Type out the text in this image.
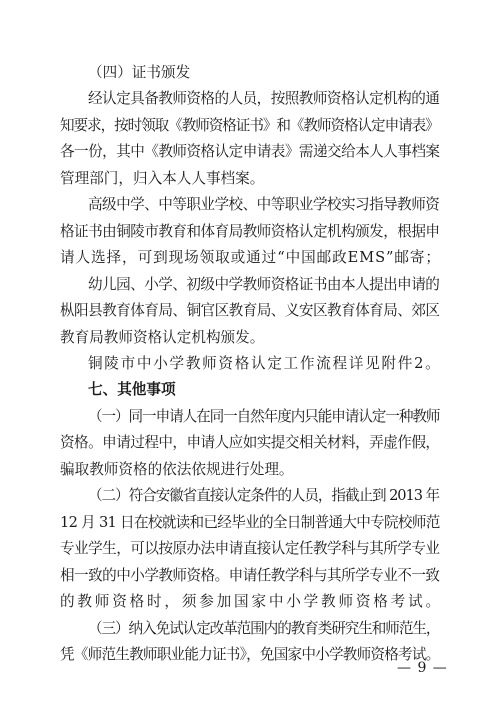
（四）证书颁发
经认定具备教师资格的人员，按照教师资格认定机构的通
知要求，按时领取《教师资格证书》和《教师资格认定申请表》
各一份，其中《教师资格认定申请表》需递交给本人人事档案
管理部门，归入本人人事档案。
高级中学、中等职业学校、中等职业学校实习指导教师资
格证书由铜陵市教育和体育局教师资格认定机构颁发，根据申
请人选择，可到现场领取或通过“中国邮政EMS”邮寄；
幼儿园、小学、初级中学教师资格证书由本人提出申请的
枞阳县教育体育局、铜官区教育局、义安区教育体育局、郊区
教育局教师资格认定机构颁发。
铜陵市中小学教师资格认定工作流程详见附件2。
七、其他事项
（一）同一申请人在同一自然年度内只能申请认定一种教师
资格。申请过程中，申请人应如实提交相关材料，弄虚作假，
骗取教师资格的依法依规进行处理。
（二）符合安徽省直接认定条件的人员，指截止到 2013 年
12 月 31 日在校就读和已经毕业的全日制普通大中专院校师范
专业学生，可以按原办法申请直接认定任教学科与其所学专业
相一致的中小学教师资格。申请任教学科与其所学专业不一致
的教师资格时，须参加国家中小学教师资格考试。
（三）纳入免试认定改革范围内的教育类研究生和师范生，
凭《师范生教师职业能力证书》，免国家中小学教师资格考试。
— 9 —
